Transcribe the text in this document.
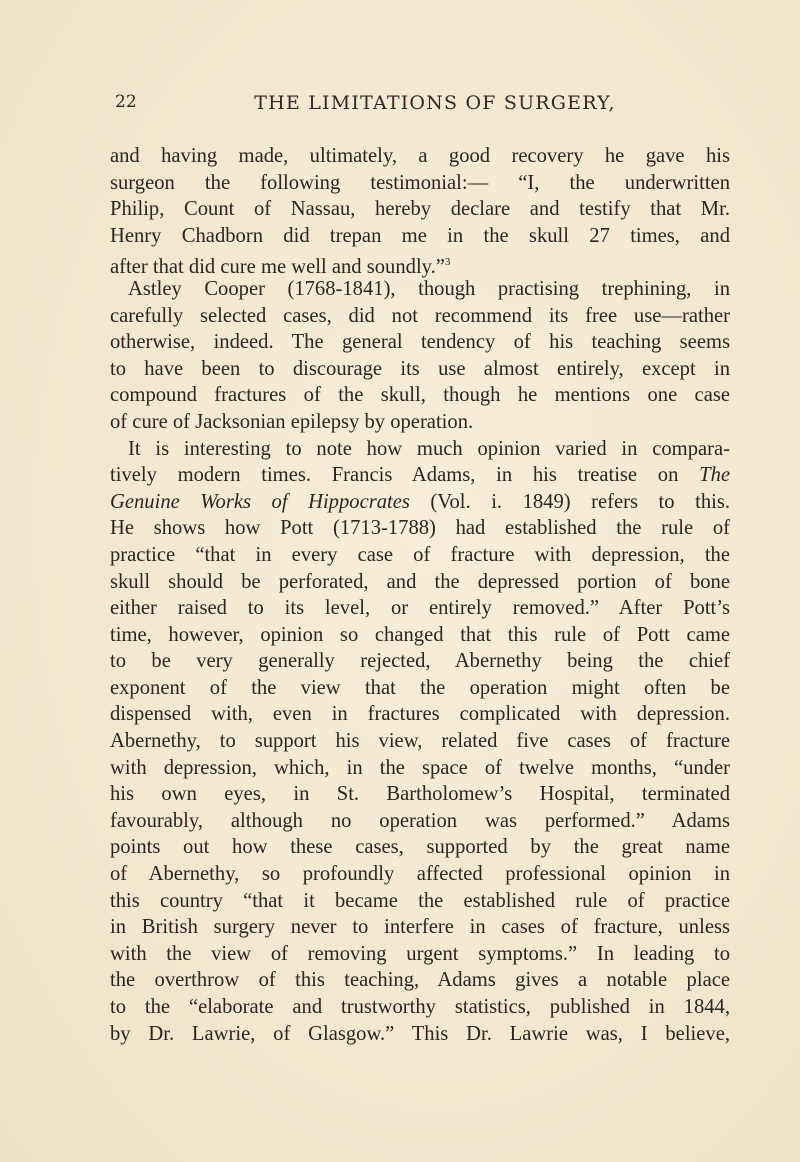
22	THE LIMITATIONS OF SURGERY,
and having made, ultimately, a good recovery he gave his
surgeon the following testimonial:— “I, the underwritten
Philip, Count of Nassau, hereby declare and testify that Mr.
Henry Chadborn did trepan me in the skull 27 times, and
after that did cure me well and soundly.”$^3$
Astley Cooper (1768-1841), though practising trephining, in
carefully selected cases, did not recommend its free use—rather
otherwise, indeed. The general tendency of his teaching seems
to have been to discourage its use almost entirely, except in
compound fractures of the skull, though he mentions one case
of cure of Jacksonian epilepsy by operation.
It is interesting to note how much opinion varied in compara-
tively modern times. Francis Adams, in his treatise on The
Genuine Works of Hippocrates (Vol. i. 1849) refers to this.
He shows how Pott (1713-1788) had established the rule of
practice “that in every case of fracture with depression, the
skull should be perforated, and the depressed portion of bone
either raised to its level, or entirely removed.” After Pott’s
time, however, opinion so changed that this rule of Pott came
to be very generally rejected, Abernethy being the chief
exponent of the view that the operation might often be
dispensed with, even in fractures complicated with depression.
Abernethy, to support his view, related five cases of fracture
with depression, which, in the space of twelve months, “under
his own eyes, in St. Bartholomew’s Hospital, terminated
favourably, although no operation was performed.” Adams
points out how these cases, supported by the great name
of Abernethy, so profoundly affected professional opinion in
this country “that it became the established rule of practice
in British surgery never to interfere in cases of fracture, unless
with the view of removing urgent symptoms.” In leading to
the overthrow of this teaching, Adams gives a notable place
to the “elaborate and trustworthy statistics, published in 1844,
by Dr. Lawrie, of Glasgow.” This Dr. Lawrie was, I believe,
